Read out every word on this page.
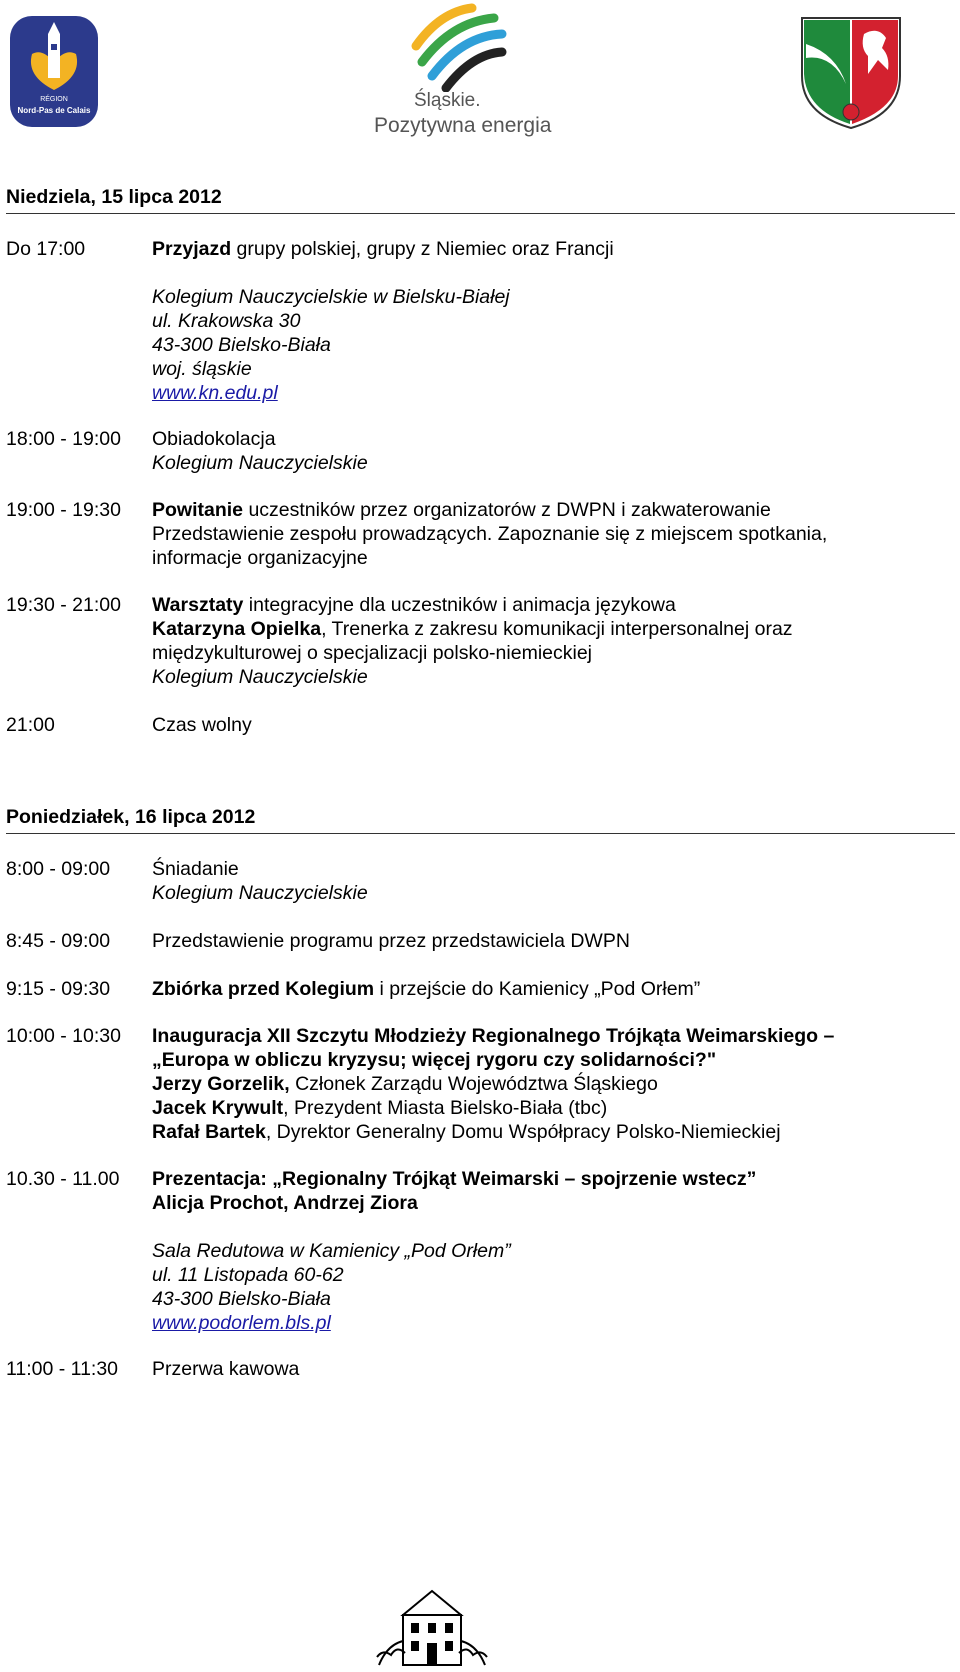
RÉGION
Nord-Pas de Calais	Śląskie.
Pozytywna energia
Niedziela, 15 lipca 2012
Do 17:00	Przyjazd grupy polskiej, grupy z Niemiec oraz Francji
Kolegium Nauczycielskie w Bielsku-Białej
ul. Krakowska 30
43-300 Bielsko-Biała
woj. śląskie
www.kn.edu.pl
18:00 - 19:00 Obiadokolacja
Kolegium Nauczycielskie
19:00 - 19:30 Powitanie uczestników przez organizatorów z DWPN i zakwaterowanie
Przedstawienie zespołu prowadzących. Zapoznanie się z miejscem spotkania,
informacje organizacyjne
19:30 - 21:00 Warsztaty integracyjne dla uczestników i animacja językowa
Katarzyna Opielka, Trenerka z zakresu komunikacji interpersonalnej oraz
międzykulturowej o specjalizacji polsko-niemieckiej
Kolegium Nauczycielskie
21:00	Czas wolny
Poniedziałek, 16 lipca 2012
8:00 - 09:00 Śniadanie
Kolegium Nauczycielskie
8:45 - 09:00 Przedstawienie programu przez przedstawiciela DWPN
9:15 - 09:30 Zbiórka przed Kolegium i przejście do Kamienicy „Pod Orłem”
10:00 - 10:30 Inauguracja XII Szczytu Młodzieży Regionalnego Trójkąta Weimarskiego –
„Europa w obliczu kryzysu; więcej rygoru czy solidarności?"
Jerzy Gorzelik, Członek Zarządu Województwa Śląskiego
Jacek Krywult, Prezydent Miasta Bielsko-Biała (tbc)
Rafał Bartek, Dyrektor Generalny Domu Współpracy Polsko-Niemieckiej
10.30 - 11.00 Prezentacja: „Regionalny Trójkąt Weimarski – spojrzenie wstecz”
Alicja Prochot, Andrzej Ziora
Sala Redutowa w Kamienicy „Pod Orłem”
ul. 11 Listopada 60-62
43-300 Bielsko-Biała
www.podorlem.bls.pl
11:00 - 11:30 Przerwa kawowa
